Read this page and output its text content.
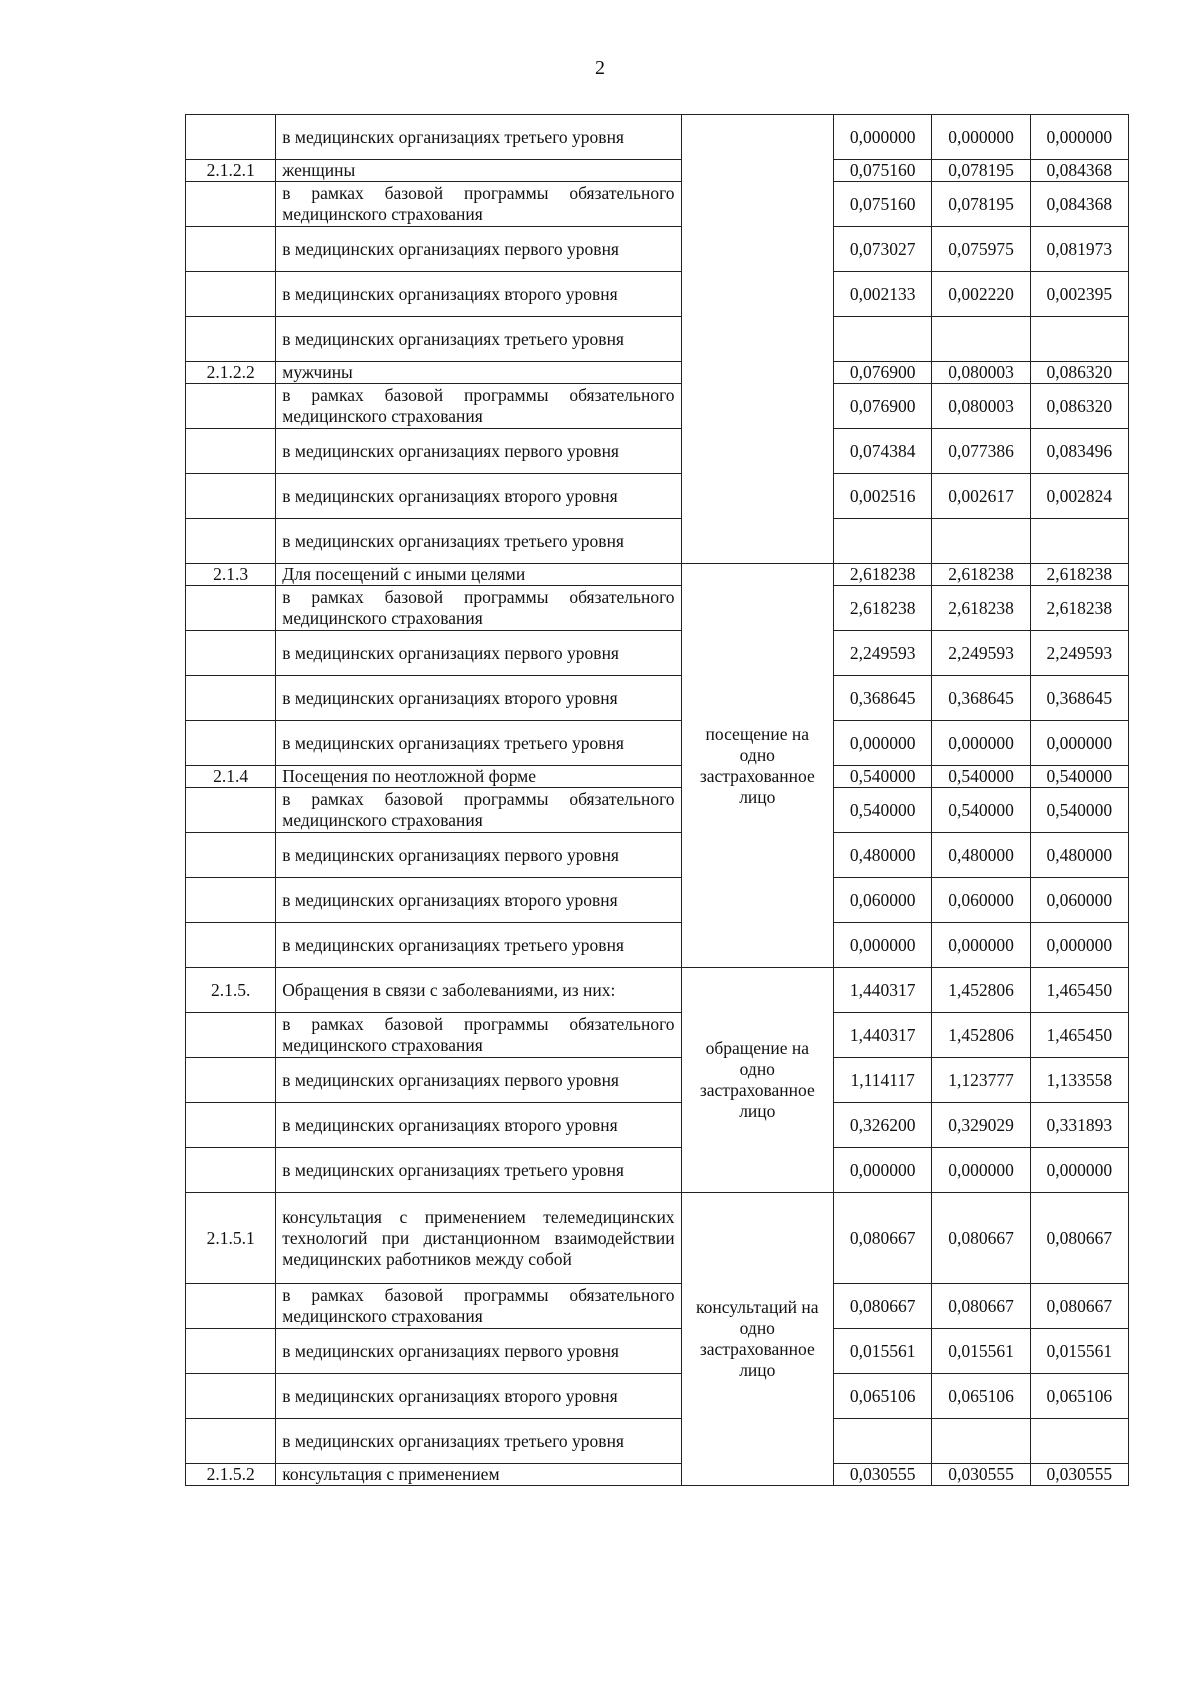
2
	в медицинских организациях третьего уровня		0,000000	0,000000	0,000000
2.1.2.1	женщины		0,075160	0,078195	0,084368
	в рамках базовой программы обязательного медицинского страхования		0,075160	0,078195	0,084368
	в медицинских организациях первого уровня		0,073027	0,075975	0,081973
	в медицинских организациях второго уровня		0,002133	0,002220	0,002395
	в медицинских организациях третьего уровня				
2.1.2.2	мужчины		0,076900	0,080003	0,086320
	в рамках базовой программы обязательного медицинского страхования		0,076900	0,080003	0,086320
	в медицинских организациях первого уровня		0,074384	0,077386	0,083496
	в медицинских организациях второго уровня		0,002516	0,002617	0,002824
	в медицинских организациях третьего уровня				
2.1.3	Для посещений с иными целями	посещение на одно застрахованное лицо	2,618238	2,618238	2,618238
	в рамках базовой программы обязательного медицинского страхования		2,618238	2,618238	2,618238
	в медицинских организациях первого уровня		2,249593	2,249593	2,249593
	в медицинских организациях второго уровня		0,368645	0,368645	0,368645
	в медицинских организациях третьего уровня		0,000000	0,000000	0,000000
2.1.4	Посещения по неотложной форме		0,540000	0,540000	0,540000
	в рамках базовой программы обязательного медицинского страхования		0,540000	0,540000	0,540000
	в медицинских организациях первого уровня		0,480000	0,480000	0,480000
	в медицинских организациях второго уровня		0,060000	0,060000	0,060000
	в медицинских организациях третьего уровня		0,000000	0,000000	0,000000
2.1.5.	Обращения в связи с заболеваниями, из них:	обращение на одно застрахованное лицо	1,440317	1,452806	1,465450
	в рамках базовой программы обязательного медицинского страхования		1,440317	1,452806	1,465450
	в медицинских организациях первого уровня		1,114117	1,123777	1,133558
	в медицинских организациях второго уровня		0,326200	0,329029	0,331893
	в медицинских организациях третьего уровня		0,000000	0,000000	0,000000
2.1.5.1	консультация с применением телемедицинских технологий при дистанционном взаимодействии медицинских работников между собой	консультаций на одно застрахованное лицо	0,080667	0,080667	0,080667
	в рамках базовой программы обязательного медицинского страхования		0,080667	0,080667	0,080667
	в медицинских организациях первого уровня		0,015561	0,015561	0,015561
	в медицинских организациях второго уровня		0,065106	0,065106	0,065106
	в медицинских организациях третьего уровня				
2.1.5.2	консультация с применением		0,030555	0,030555	0,030555
